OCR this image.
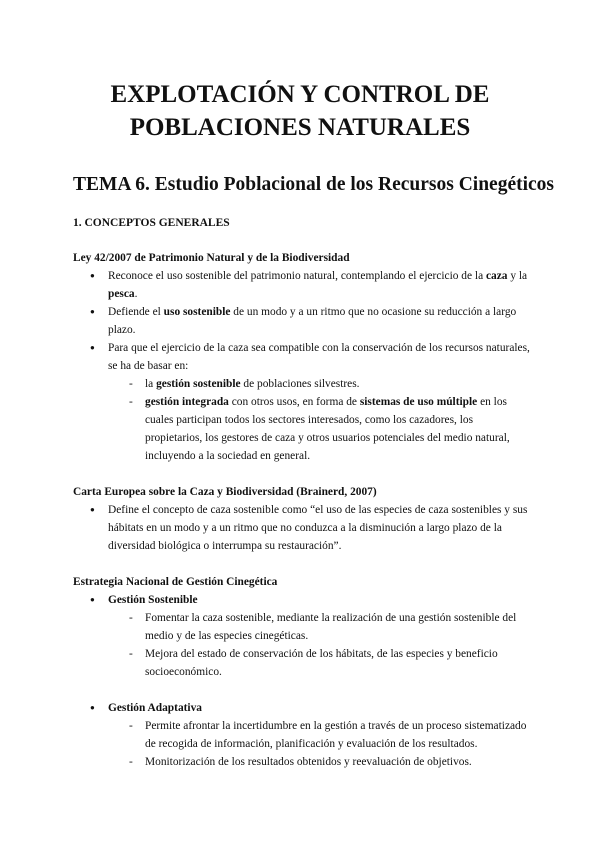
EXPLOTACIÓN Y CONTROL DE
POBLACIONES NATURALES
TEMA 6. Estudio Poblacional de los Recursos Cinegéticos
1. CONCEPTOS GENERALES
Ley 42/2007 de Patrimonio Natural y de la Biodiversidad
● Reconoce el uso sostenible del patrimonio natural, contemplando el ejercicio de la caza y la pesca.
● Defiende el uso sostenible de un modo y a un ritmo que no ocasione su reducción a largo plazo.
● Para que el ejercicio de la caza sea compatible con la conservación de los recursos naturales, se ha de basar en:
- la gestión sostenible de poblaciones silvestres.
- gestión integrada con otros usos, en forma de sistemas de uso múltiple en los cuales participan todos los sectores interesados, como los cazadores, los propietarios, los gestores de caza y otros usuarios potenciales del medio natural, incluyendo a la sociedad en general.
Carta Europea sobre la Caza y Biodiversidad (Brainerd, 2007)
● Define el concepto de caza sostenible como “el uso de las especies de caza sostenibles y sus hábitats en un modo y a un ritmo que no conduzca a la disminución a largo plazo de la diversidad biológica o interrumpa su restauración”.
Estrategia Nacional de Gestión Cinegética
● Gestión Sostenible
- Fomentar la caza sostenible, mediante la realización de una gestión sostenible del medio y de las especies cinegéticas.
- Mejora del estado de conservación de los hábitats, de las especies y beneficio socioeconómico.
● Gestión Adaptativa
- Permite afrontar la incertidumbre en la gestión a través de un proceso sistematizado de recogida de información, planificación y evaluación de los resultados.
- Monitorización de los resultados obtenidos y reevaluación de objetivos.
